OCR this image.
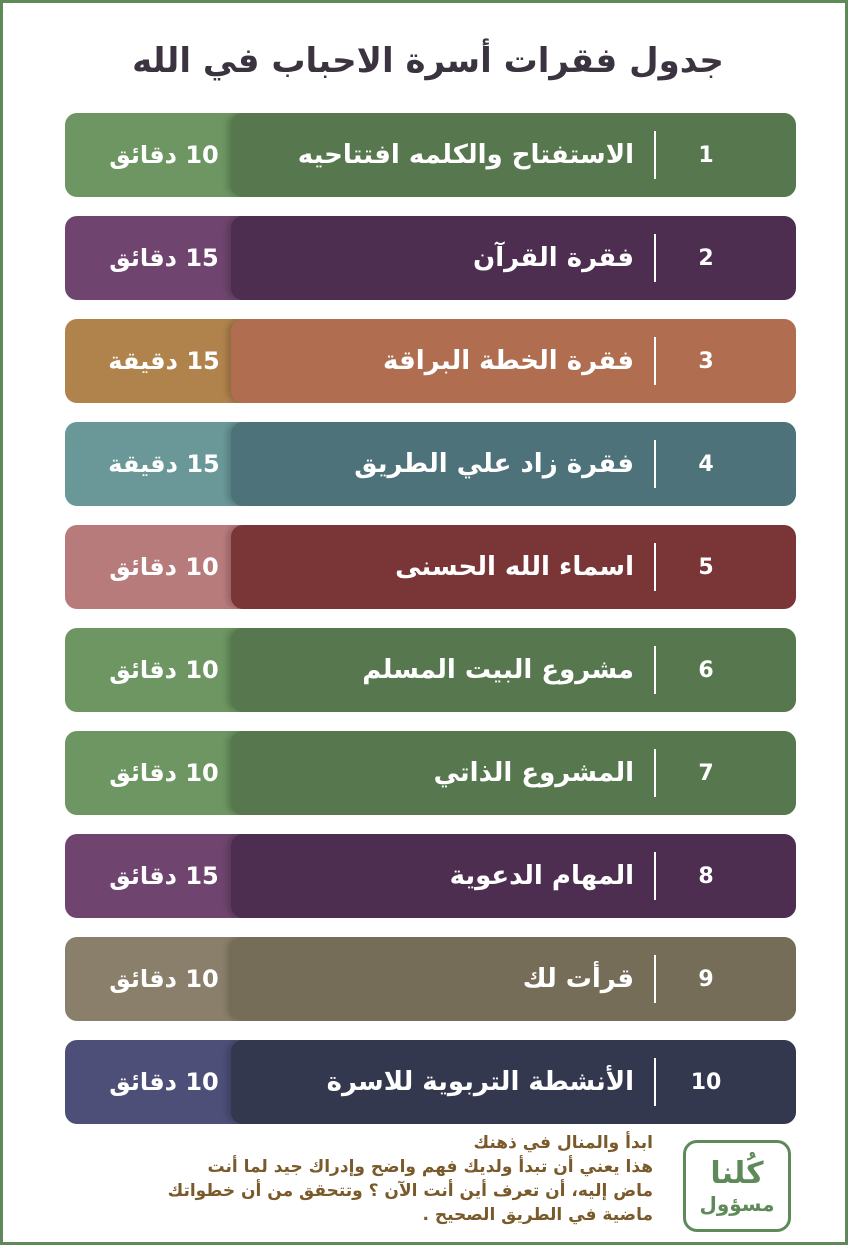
جدول فقرات أسرة الاحباب في الله
10 دقائق	الاستفتاح والكلمه افتتاحيه	1
15 دقائق	فقرة القرآن	2
15 دقيقة	فقرة الخطة البراقة	3
15 دقيقة	فقرة زاد علي الطريق	4
10 دقائق	اسماء الله الحسنى	5
10 دقائق	مشروع البيت المسلم	6
10 دقائق	المشروع الذاتي	7
15 دقائق	المهام الدعوية	8
10 دقائق	قرأت لك	9
10 دقائق	الأنشطة التربوية للاسرة	10
ابدأ والمنال في ذهنك
هذا يعني أن تبدأ ولديك فهم واضح وإدراك جيد لما أنت
ماض إليه، أن تعرف أين أنت الآن ؟ وتتحقق من أن خطواتك
ماضية في الطريق الصحيح .
كُلنا
مسؤول
